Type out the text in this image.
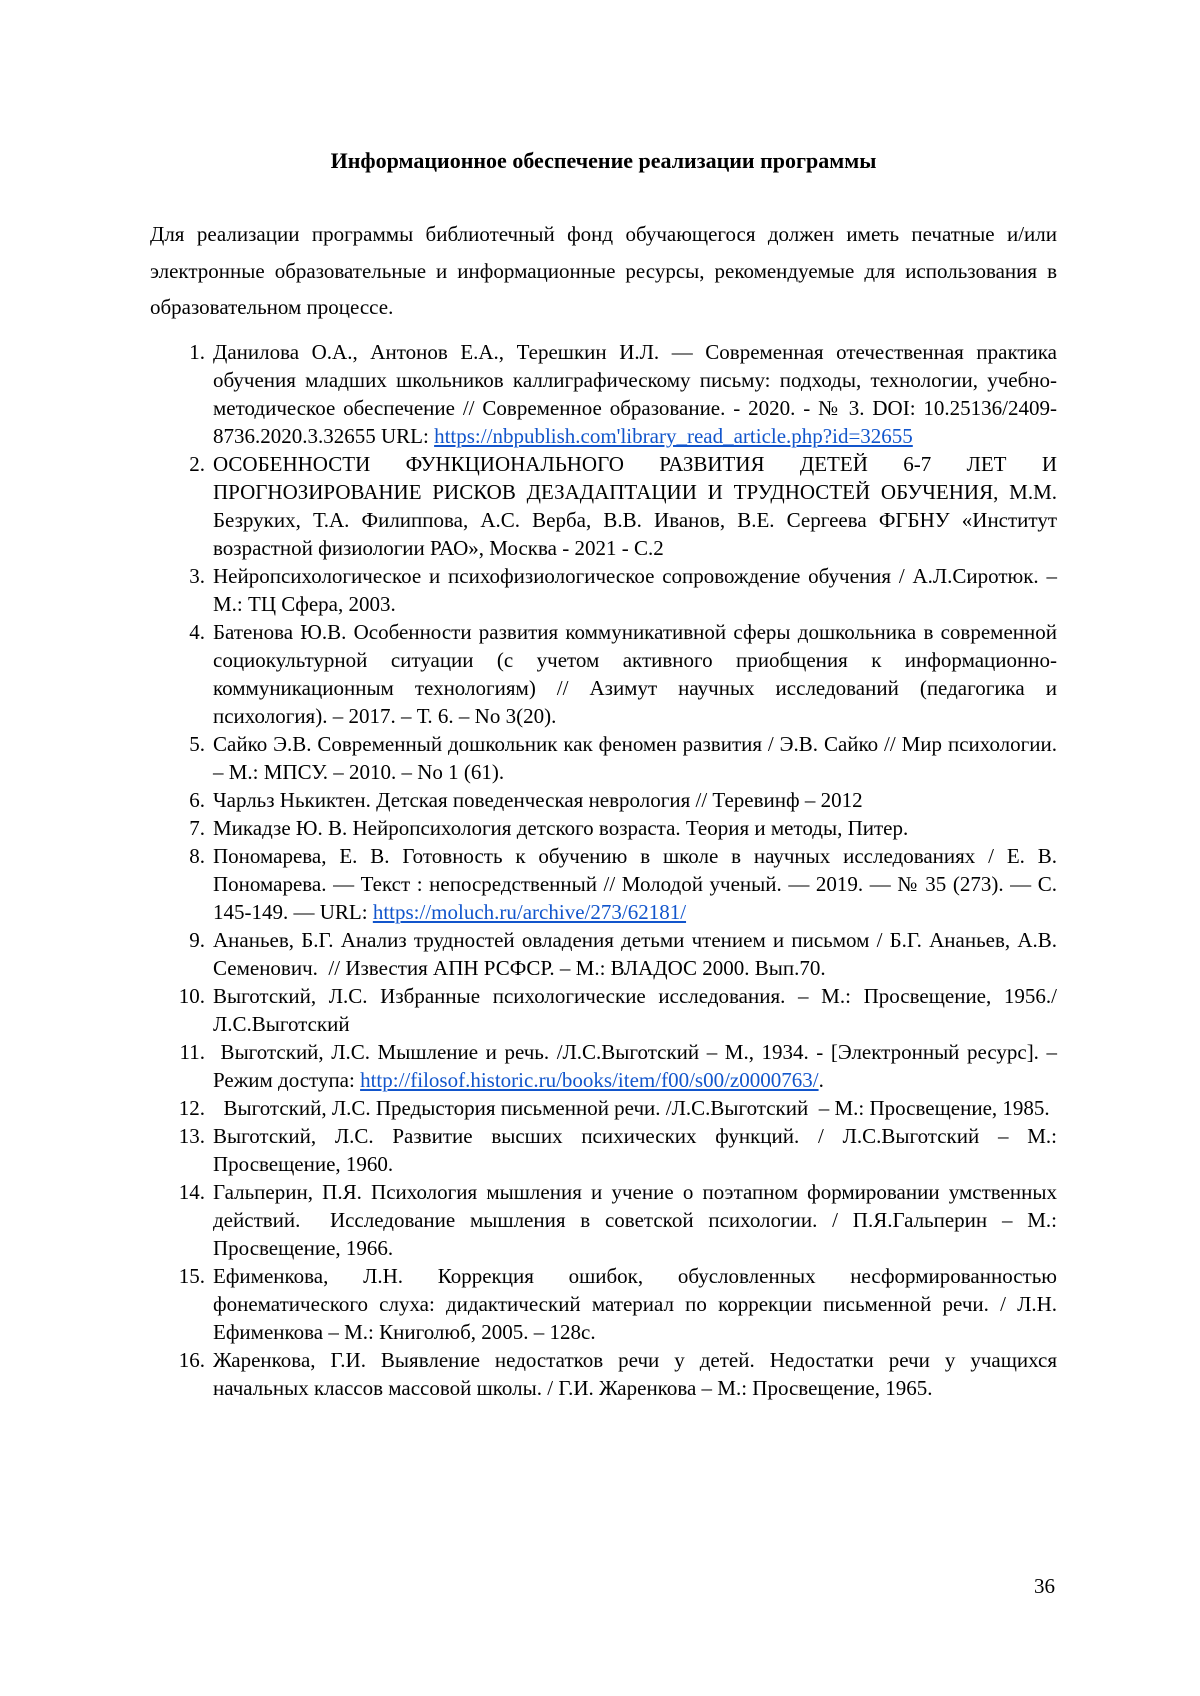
Информационное обеспечение реализации программы

Для реализации программы библиотечный фонд обучающегося должен иметь печатные и/или электронные образовательные и информационные ресурсы, рекомендуемые для использования в образовательном процессе.

1. Данилова О.А., Антонов Е.А., Терешкин И.Л. — Современная отечественная практика обучения младших школьников каллиграфическому письму: подходы, технологии, учебно-методическое обеспечение // Современное образование. - 2020. - № 3. DOI: 10.25136/2409-8736.2020.3.32655 URL: https://nbpublish.com'library_read_article.php?id=32655
2. ОСОБЕННОСТИ ФУНКЦИОНАЛЬНОГО РАЗВИТИЯ ДЕТЕЙ 6-7 ЛЕТ И ПРОГНОЗИРОВАНИЕ РИСКОВ ДЕЗАДАПТАЦИИ И ТРУДНОСТЕЙ ОБУЧЕНИЯ, М.М. Безруких, Т.А. Филиппова, А.С. Верба, В.В. Иванов, В.Е. Сергеева ФГБНУ «Институт возрастной физиологии РАО», Москва - 2021 - С.2
3. Нейропсихологическое и психофизиологическое сопровождение обучения / А.Л.Сиротюк. – М.: ТЦ Сфера, 2003.
4. Батенова Ю.В. Особенности развития коммуникативной сферы дошкольника в современной социокультурной ситуации (с учетом активного приобщения к информационно-коммуникационным технологиям) // Азимут научных исследований (педагогика и психология). – 2017. – Т. 6. – No 3(20).
5. Сайко Э.В. Современный дошкольник как феномен развития / Э.В. Сайко // Мир психологии. – М.: МПСУ. – 2010. – No 1 (61).
6. Чарльз Нькиктен. Детская поведенческая неврология // Теревинф – 2012
7. Микадзе Ю. В. Нейропсихология детского возраста. Теория и методы, Питер.
8. Пономарева, Е. В. Готовность к обучению в школе в научных исследованиях / Е. В. Пономарева. — Текст : непосредственный // Молодой ученый. — 2019. — № 35 (273). — С. 145-149. — URL: https://moluch.ru/archive/273/62181/
9. Ананьев, Б.Г. Анализ трудностей овладения детьми чтением и письмом / Б.Г. Ананьев, А.В. Семенович.  // Известия АПН РСФСР. – М.: ВЛАДОС 2000. Вып.70.
10. Выготский, Л.С. Избранные психологические исследования. – М.: Просвещение, 1956./ Л.С.Выготский
11. Выготский, Л.С. Мышление и речь. /Л.С.Выготский – М., 1934. - [Электронный ресурс]. – Режим доступа: http://filosof.historic.ru/books/item/f00/s00/z0000763/.
12. Выготский, Л.С. Предыстория письменной речи. /Л.С.Выготский  – М.: Просвещение, 1985.
13. Выготский, Л.С. Развитие высших психических функций. / Л.С.Выготский – М.: Просвещение, 1960.
14. Гальперин, П.Я. Психология мышления и учение о поэтапном формировании умственных действий.  Исследование мышления в советской психологии. / П.Я.Гальперин – М.: Просвещение, 1966.
15. Ефименкова, Л.Н. Коррекция ошибок, обусловленных несформированностью фонематического слуха: дидактический материал по коррекции письменной речи. / Л.Н. Ефименкова – М.: Книголюб, 2005. – 128с.
16. Жаренкова, Г.И. Выявление недостатков речи у детей. Недостатки речи у учащихся начальных классов массовой школы. / Г.И. Жаренкова – М.: Просвещение, 1965.
36
